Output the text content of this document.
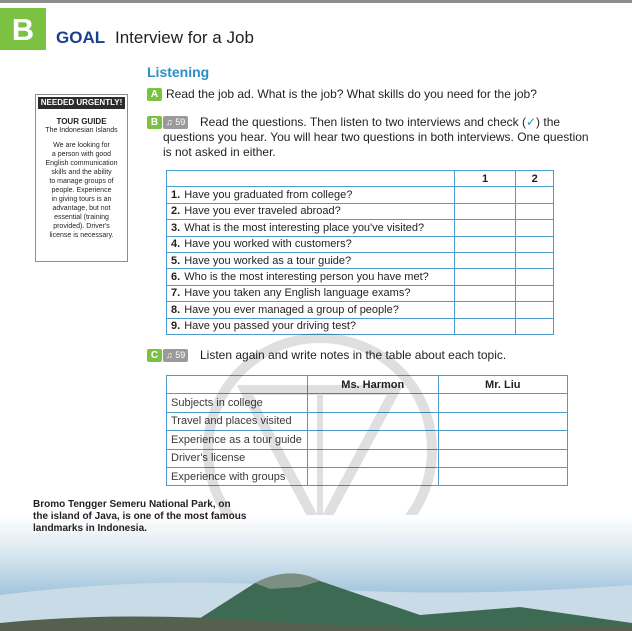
B	GOAL Interview for a Job
Listening
A Read the job ad. What is the job? What skills do you need for the job?
B ♫ 59 Read the questions. Then listen to two interviews and check (✓) the
questions you hear. You will hear two questions in both interviews. One question
is not asked in either.
NEEDED URGENTLY!
TOUR GUIDE
The Indonesian Islands
We are looking for
a person with good
English communication
skills and the ability
to manage groups of
people. Experience
in giving tours is an
advantage, but not
essential (training
provided). Driver's
license is necessary.
	1	2
1. Have you graduated from college?		
2. Have you ever traveled abroad?		
3. What is the most interesting place you've visited?		
4. Have you worked with customers?		
5. Have you worked as a tour guide?		
6. Who is the most interesting person you have met?		
7. Have you taken any English language exams?		
8. Have you ever managed a group of people?		
9. Have you passed your driving test?		
C ♫ 59 Listen again and write notes in the table about each topic.
	Ms. Harmon	Mr. Liu
Subjects in college		
Travel and places visited		
Experience as a tour guide		
Driver's license		
Experience with groups		
Bromo Tengger Semeru National Park, on
the island of Java, is one of the most famous
landmarks in Indonesia.
